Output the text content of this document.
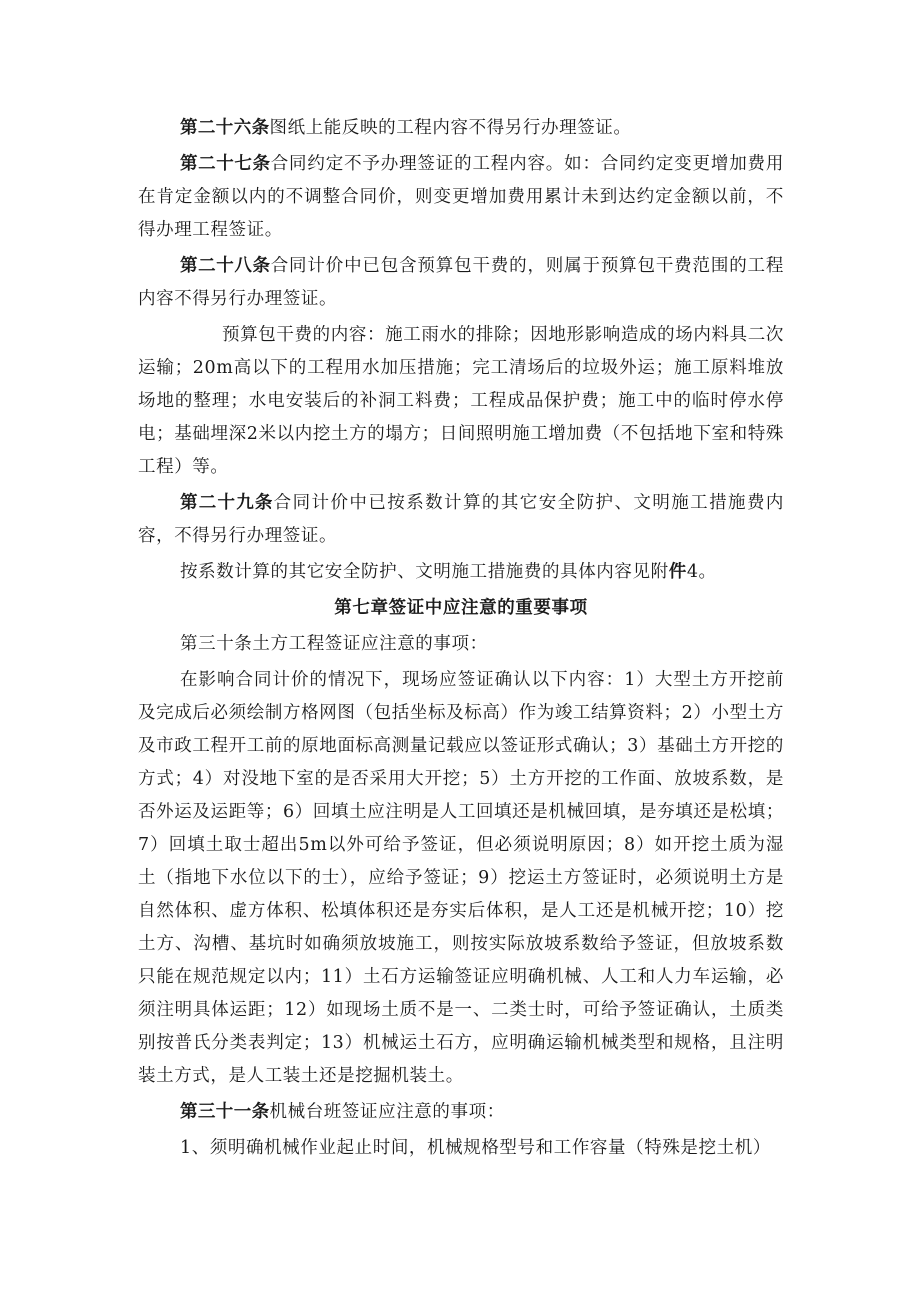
第二十六条图纸上能反映的工程内容不得另行办理签证。

第二十七条合同约定不予办理签证的工程内容。如：合同约定变更增加费用在肯定金额以内的不调整合同价，则变更增加费用累计未到达约定金额以前，不得办理工程签证。

第二十八条合同计价中已包含预算包干费的，则属于预算包干费范围的工程内容不得另行办理签证。

预算包干费的内容：施工雨水的排除；因地形影响造成的场内料具二次运输；20m高以下的工程用水加压措施；完工清场后的垃圾外运；施工原料堆放场地的整理；水电安装后的补洞工料费；工程成品保护费；施工中的临时停水停电；基础埋深2米以内挖土方的塌方；日间照明施工增加费（不包括地下室和特殊工程）等。

第二十九条合同计价中已按系数计算的其它安全防护、文明施工措施费内容，不得另行办理签证。

按系数计算的其它安全防护、文明施工措施费的具体内容见附件4。

第七章签证中应注意的重要事项

第三十条土方工程签证应注意的事项：

在影响合同计价的情况下，现场应签证确认以下内容：1）大型土方开挖前及完成后必须绘制方格网图（包括坐标及标高）作为竣工结算资料；2）小型土方及市政工程开工前的原地面标高测量记载应以签证形式确认；3）基础土方开挖的方式；4）对没地下室的是否采用大开挖；5）土方开挖的工作面、放坡系数，是否外运及运距等；6）回填土应注明是人工回填还是机械回填，是夯填还是松填；7）回填土取士超出5m以外可给予签证，但必须说明原因；8）如开挖土质为湿土（指地下水位以下的士），应给予签证；9）挖运土方签证时，必须说明土方是自然体积、虚方体积、松填体积还是夯实后体积，是人工还是机械开挖；10）挖土方、沟槽、基坑时如确须放坡施工，则按实际放坡系数给予签证，但放坡系数只能在规范规定以内；11）土石方运输签证应明确机械、人工和人力车运输，必须注明具体运距；12）如现场土质不是一、二类士时，可给予签证确认，土质类别按普氏分类表判定；13）机械运土石方，应明确运输机械类型和规格，且注明装土方式，是人工装土还是挖掘机装土。

第三十一条机械台班签证应注意的事项：

1、须明确机械作业起止时间，机械规格型号和工作容量（特殊是挖土机）
